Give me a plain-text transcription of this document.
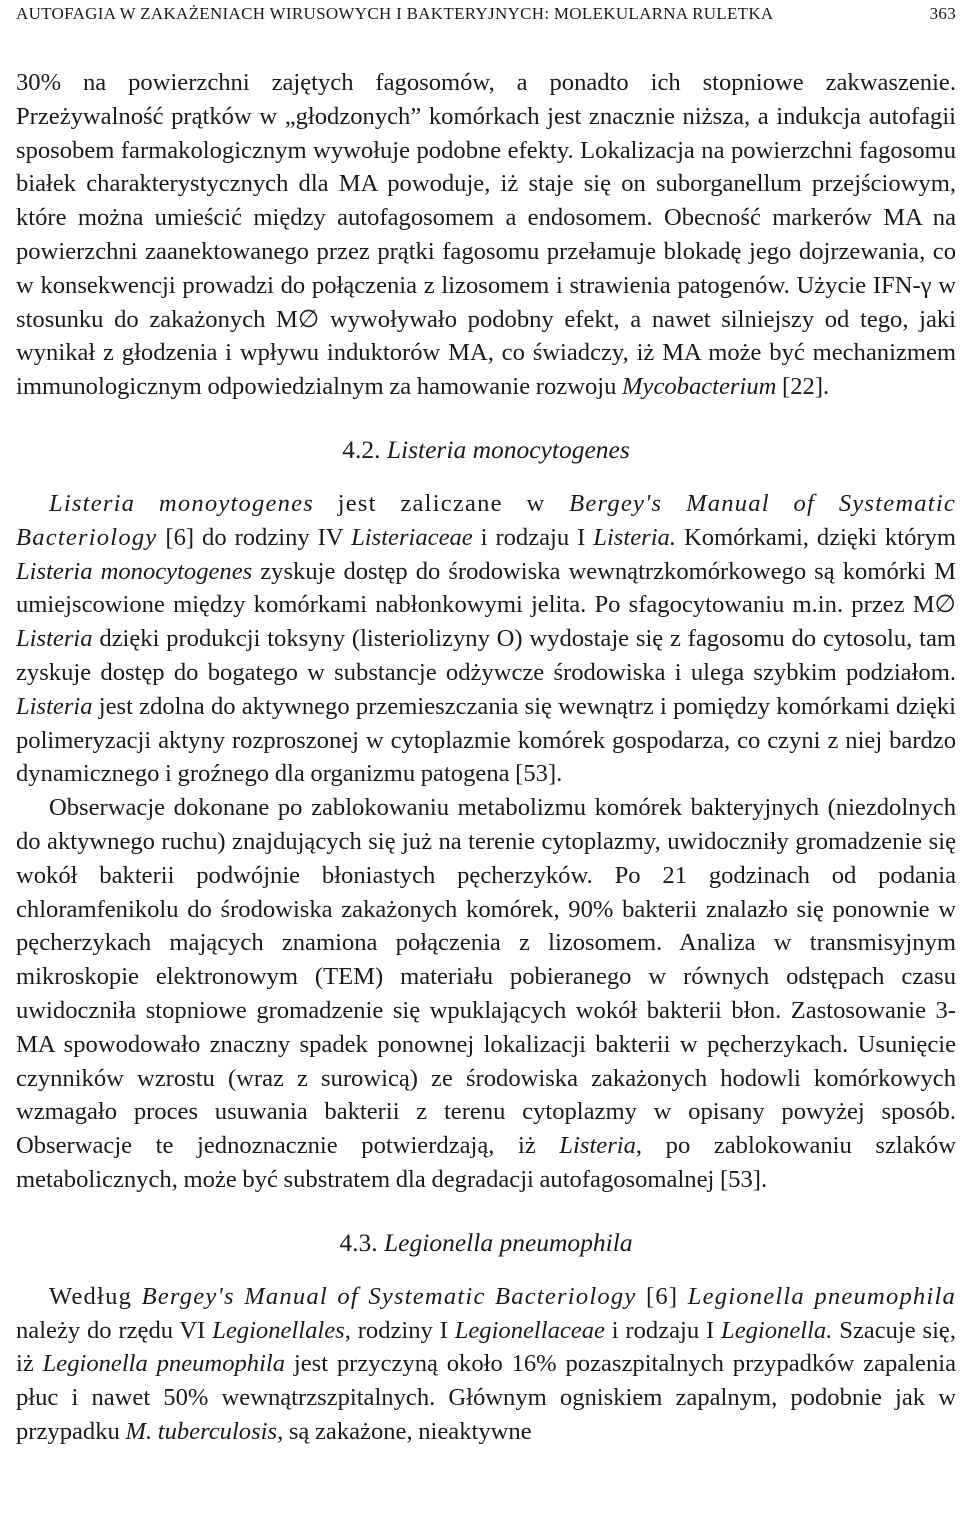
AUTOFAGIA W ZAKAŻENIACH WIRUSOWYCH I BAKTERYJNYCH: MOLEKULARNA RULETKA	363

30% na powierzchni zajętych fagosomów, a ponadto ich stopniowe zakwaszenie. Przeżywalność prątków w „głodzonych” komórkach jest znacznie niższa, a indukcja autofagii sposobem farmakologicznym wywołuje podobne efekty. Lokalizacja na powierzchni fagosomu białek charakterystycznych dla MA powoduje, iż staje się on suborganellum przejściowym, które można umieścić między autofagosomem a endosomem. Obecność markerów MA na powierzchni zaanektowanego przez prątki fagosomu przełamuje blokadę jego dojrzewania, co w konsekwencji prowadzi do połączenia z lizosomem i strawienia patogenów. Użycie IFN-γ w stosunku do zakażonych M∅ wywoływało podobny efekt, a nawet silniejszy od tego, jaki wynikał z głodzenia i wpływu induktorów MA, co świadczy, iż MA może być mechanizmem immunologicznym odpowiedzialnym za hamowanie rozwoju Mycobacterium [22].

4.2. Listeria monocytogenes

Listeria monoytogenes jest zaliczane w Bergey's Manual of Systematic Bacteriology [6] do rodziny IV Listeriaceae i rodzaju I Listeria. Komórkami, dzięki którym Listeria monocytogenes zyskuje dostęp do środowiska wewnątrzkomórkowego są komórki M umiejscowione między komórkami nabłonkowymi jelita. Po sfagocytowaniu m.in. przez M∅ Listeria dzięki produkcji toksyny (listeriolizyny O) wydostaje się z fagosomu do cytosolu, tam zyskuje dostęp do bogatego w substancje odżywcze środowiska i ulega szybkim podziałom. Listeria jest zdolna do aktywnego przemieszczania się wewnątrz i pomiędzy komórkami dzięki polimeryzacji aktyny rozproszonej w cytoplazmie komórek gospodarza, co czyni z niej bardzo dynamicznego i groźnego dla organizmu patogena [53].

Obserwacje dokonane po zablokowaniu metabolizmu komórek bakteryjnych (niezdolnych do aktywnego ruchu) znajdujących się już na terenie cytoplazmy, uwidoczniły gromadzenie się wokół bakterii podwójnie błoniastych pęcherzyków. Po 21 godzinach od podania chloramfenikolu do środowiska zakażonych komórek, 90% bakterii znalazło się ponownie w pęcherzykach mających znamiona połączenia z lizosomem. Analiza w transmisyjnym mikroskopie elektronowym (TEM) materiału pobieranego w równych odstępach czasu uwidoczniła stopniowe gromadzenie się wpuklających wokół bakterii błon. Zastosowanie 3-MA spowodowało znaczny spadek ponownej lokalizacji bakterii w pęcherzykach. Usunięcie czynników wzrostu (wraz z surowicą) ze środowiska zakażonych hodowli komórkowych wzmagało proces usuwania bakterii z terenu cytoplazmy w opisany powyżej sposób. Obserwacje te jednoznacznie potwierdzają, iż Listeria, po zablokowaniu szlaków metabolicznych, może być substratem dla degradacji autofagosomalnej [53].

4.3. Legionella pneumophila

Według Bergey's Manual of Systematic Bacteriology [6] Legionella pneumophila należy do rzędu VI Legionellales, rodziny I Legionellaceae i rodzaju I Legionella. Szacuje się, iż Legionella pneumophila jest przyczyną około 16% pozaszpitalnych przypadków zapalenia płuc i nawet 50% wewnątrzszpitalnych. Głównym ogniskiem zapalnym, podobnie jak w przypadku M. tuberculosis, są zakażone, nieaktywne
